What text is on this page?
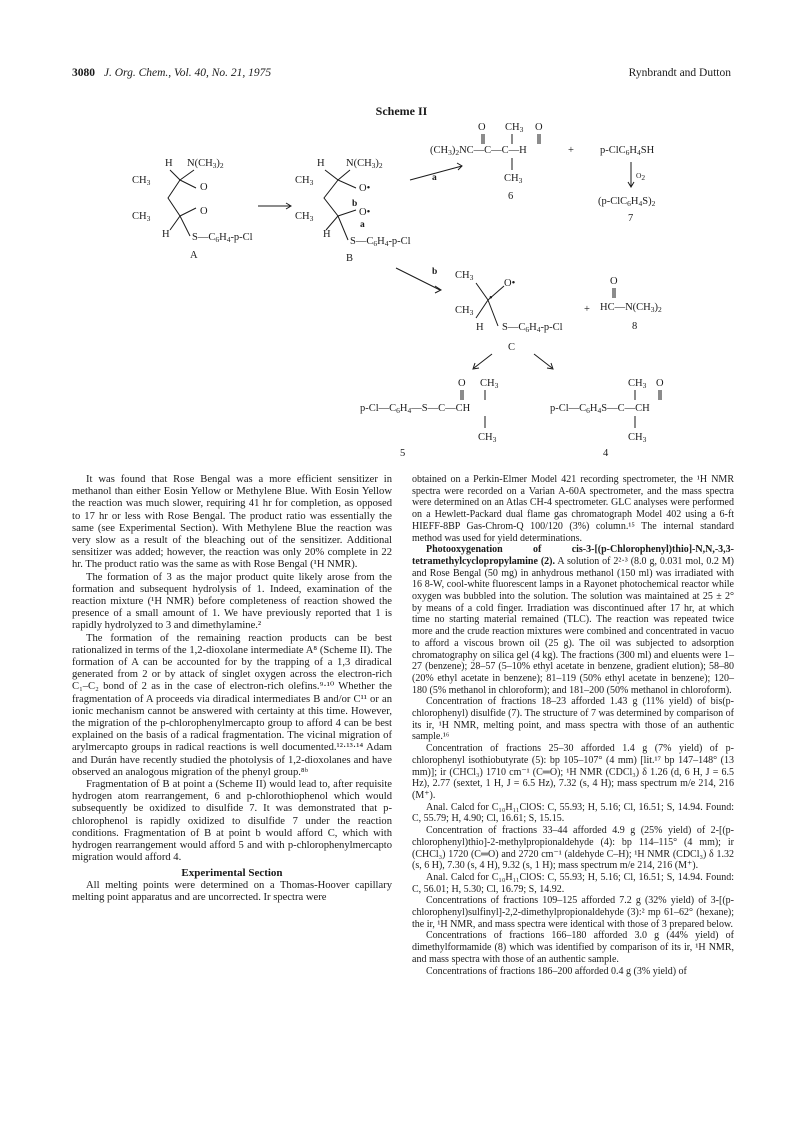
3080 J. Org. Chem., Vol. 40, No. 21, 1975	Rynbrandt and Dutton
Scheme II
H N(CH3)2
CH3
CH3
H
O
O
S—C6H4-p-Cl
A
H N(CH3)2
CH3
CH3
H
O•
O•
b
a
S—C6H4-p-Cl
B
a
O CH3 O
(CH3)2NC—C—C—H
CH3
6
+ p-ClC6H4SH
O2
(p-ClC6H4S)2
7
b CH3
CH3
H
•
O•
S—C6H4-p-Cl
C
+
O
HC—N(CH3)2
8
O CH3
p-Cl—C6H4—S—C—CH
CH3
5
CH3 O
p-Cl—C6H4S—C—CH
CH3
4

It was found that Rose Bengal was a more efficient sensitizer in methanol than either Eosin Yellow or Methylene Blue. With Eosin Yellow the reaction was much slower, requiring 41 hr for completion, as opposed to 17 hr or less with Rose Bengal. The product ratio was essentially the same (see Experimental Section). With Methylene Blue the reaction was very slow as a result of the bleaching out of the sensitizer. Additional sensitizer was added; however, the reaction was only 20% complete in 22 hr. The product ratio was the same as with Rose Bengal (¹H NMR).

The formation of 3 as the major product quite likely arose from the formation and subsequent hydrolysis of 1. Indeed, examination of the reaction mixture (¹H NMR) before completeness of reaction showed the presence of a small amount of 1. We have previously reported that 1 is rapidly hydrolyzed to 3 and dimethylamine.²

The formation of the remaining reaction products can be best rationalized in terms of the 1,2-dioxolane intermediate A⁸ (Scheme II). The formation of A can be accounted for by the trapping of a 1,3 diradical generated from 2 or by attack of singlet oxygen across the electron-rich C₁–C₂ bond of 2 as in the case of electron-rich olefins.⁹·¹⁰ Whether the fragmentation of A proceeds via diradical intermediates B and/or C¹¹ or an ionic mechanism cannot be answered with certainty at this time. However, the migration of the p-chlorophenylmercapto group to afford 4 can be best explained on the basis of a radical fragmentation. The vicinal migration of arylmercapto groups in radical reactions is well documented.¹²·¹³·¹⁴ Adam and Durán have recently studied the photolysis of 1,2-dioxolanes and have observed an analogous migration of the phenyl group.⁸ᵇ

Fragmentation of B at point a (Scheme II) would lead to, after requisite hydrogen atom rearrangement, 6 and p-chlorothiophenol which would subsequently be oxidized to disulfide 7. It was demonstrated that p-chlorophenol is rapidly oxidized to disulfide 7 under the reaction conditions. Fragmentation of B at point b would afford C, which with hydrogen rearrangement would afford 5 and with p-chlorophenylmercapto migration would afford 4.

Experimental Section

All melting points were determined on a Thomas-Hoover capillary melting point apparatus and are uncorrected. Ir spectra were

obtained on a Perkin-Elmer Model 421 recording spectrometer, the ¹H NMR spectra were recorded on a Varian A-60A spectrometer, and the mass spectra were determined on an Atlas CH-4 spectrometer. GLC analyses were performed on a Hewlett-Packard dual flame gas chromatograph Model 402 using a 6-ft HIEFF-8BP Gas-Chrom-Q 100/120 (3%) column.¹⁵ The internal standard method was used for yield determinations.

Photooxygenation of cis-3-[(p-Chlorophenyl)thio]-N,N,-3,3-tetramethylcyclopropylamine (2). A solution of 2²·³ (8.0 g, 0.031 mol, 0.2 M) and Rose Bengal (50 mg) in anhydrous methanol (150 ml) was irradiated with 16 8-W, cool-white fluorescent lamps in a Rayonet photochemical reactor while oxygen was bubbled into the solution. The solution was maintained at 25 ± 2° by means of a cold finger. Irradiation was discontinued after 17 hr, at which time no starting material remained (TLC). The reaction was repeated twice more and the crude reaction mixtures were combined and concentrated in vacuo to afford a viscous brown oil (25 g). The oil was subjected to adsorption chromatography on silica gel (4 kg). The fractions (300 ml) and eluents were 1–27 (benzene); 28–57 (5–10% ethyl acetate in benzene, gradient elution); 58–80 (20% ethyl acetate in benzene); 81–119 (50% ethyl acetate in benzene); 120–180 (5% methanol in chloroform); and 181–200 (50% methanol in chloroform).

Concentration of fractions 18–23 afforded 1.43 g (11% yield) of bis(p-chlorophenyl) disulfide (7). The structure of 7 was determined by comparison of its ir, ¹H NMR, melting point, and mass spectra with those of an authentic sample.¹⁶

Concentration of fractions 25–30 afforded 1.4 g (7% yield) of p-chlorophenyl isothiobutyrate (5): bp 105–107° (4 mm) [lit.¹⁷ bp 147–148° (13 mm)]; ir (CHCl₃) 1710 cm⁻¹ (C═O); ¹H NMR (CDCl₃) δ 1.26 (d, 6 H, J = 6.5 Hz), 2.77 (sextet, 1 H, J = 6.5 Hz), 7.32 (s, 4 H); mass spectrum m/e 214, 216 (M⁺).

Anal. Calcd for C₁₀H₁₁ClOS: C, 55.93; H, 5.16; Cl, 16.51; S, 14.94. Found: C, 55.79; H, 4.90; Cl, 16.61; S, 15.15.

Concentration of fractions 33–44 afforded 4.9 g (25% yield) of 2-[(p-chlorophenyl)thio]-2-methylpropionaldehyde (4): bp 114–115° (4 mm); ir (CHCl₃) 1720 (C═O) and 2720 cm⁻¹ (aldehyde C–H); ¹H NMR (CDCl₃) δ 1.32 (s, 6 H), 7.30 (s, 4 H), 9.32 (s, 1 H); mass spectrum m/e 214, 216 (M⁺).

Anal. Calcd for C₁₀H₁₁ClOS: C, 55.93; H, 5.16; Cl, 16.51; S, 14.94. Found: C, 56.01; H, 5.30; Cl, 16.79; S, 14.92.

Concentrations of fractions 109–125 afforded 7.2 g (32% yield) of 3-[(p-chlorophenyl)sulfinyl]-2,2-dimethylpropionaldehyde (3):² mp 61–62° (hexane); the ir, ¹H NMR, and mass spectra were identical with those of 3 prepared below.

Concentrations of fractions 166–180 afforded 3.0 g (44% yield) of dimethylformamide (8) which was identified by comparison of its ir, ¹H NMR, and mass spectra with those of an authentic sample.

Concentrations of fractions 186–200 afforded 0.4 g (3% yield) of
